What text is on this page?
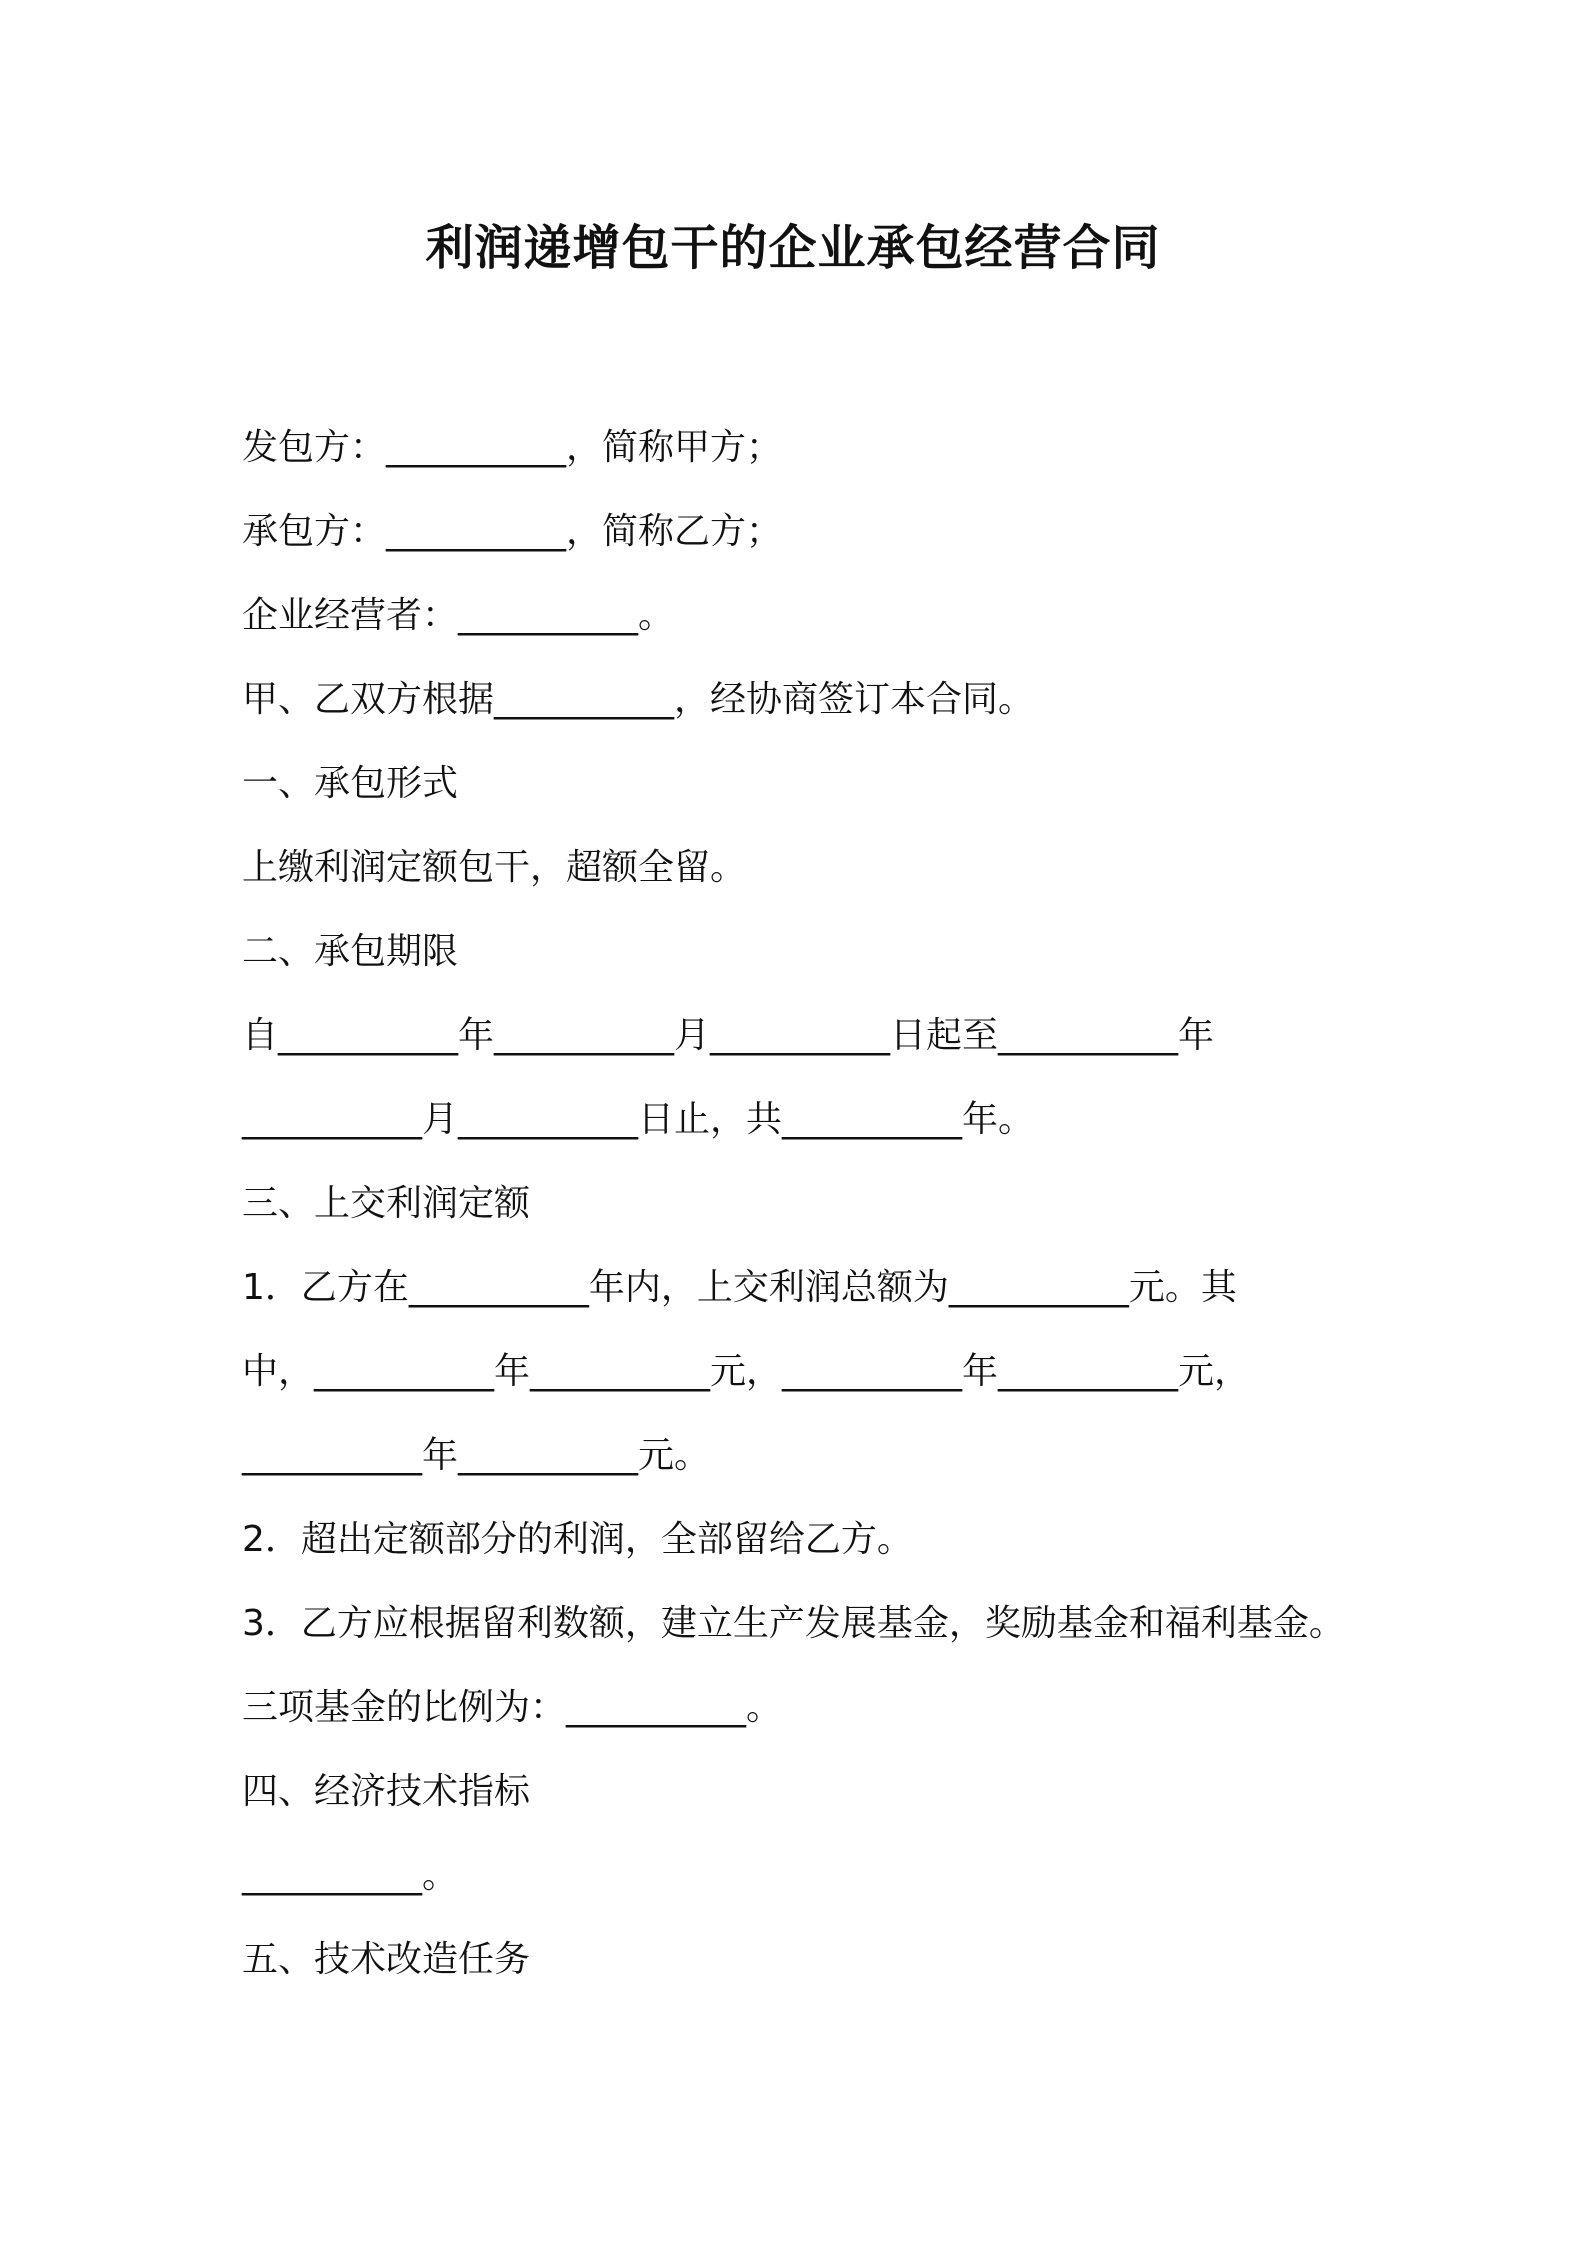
利润递增包干的企业承包经营合同
发包方：__________，简称甲方；
承包方：__________，简称乙方；
企业经营者：__________。
甲、乙双方根据__________，经协商签订本合同。
一、承包形式
上缴利润定额包干，超额全留。
二、承包期限
自__________年__________月__________日起至__________年
__________月__________日止，共__________年。
三、上交利润定额
1．乙方在__________年内，上交利润总额为__________元。其
中，__________年__________元，__________年__________元，
__________年__________元。
2．超出定额部分的利润，全部留给乙方。
3．乙方应根据留利数额，建立生产发展基金，奖励基金和福利基金。
三项基金的比例为：__________。
四、经济技术指标
__________。
五、技术改造任务
